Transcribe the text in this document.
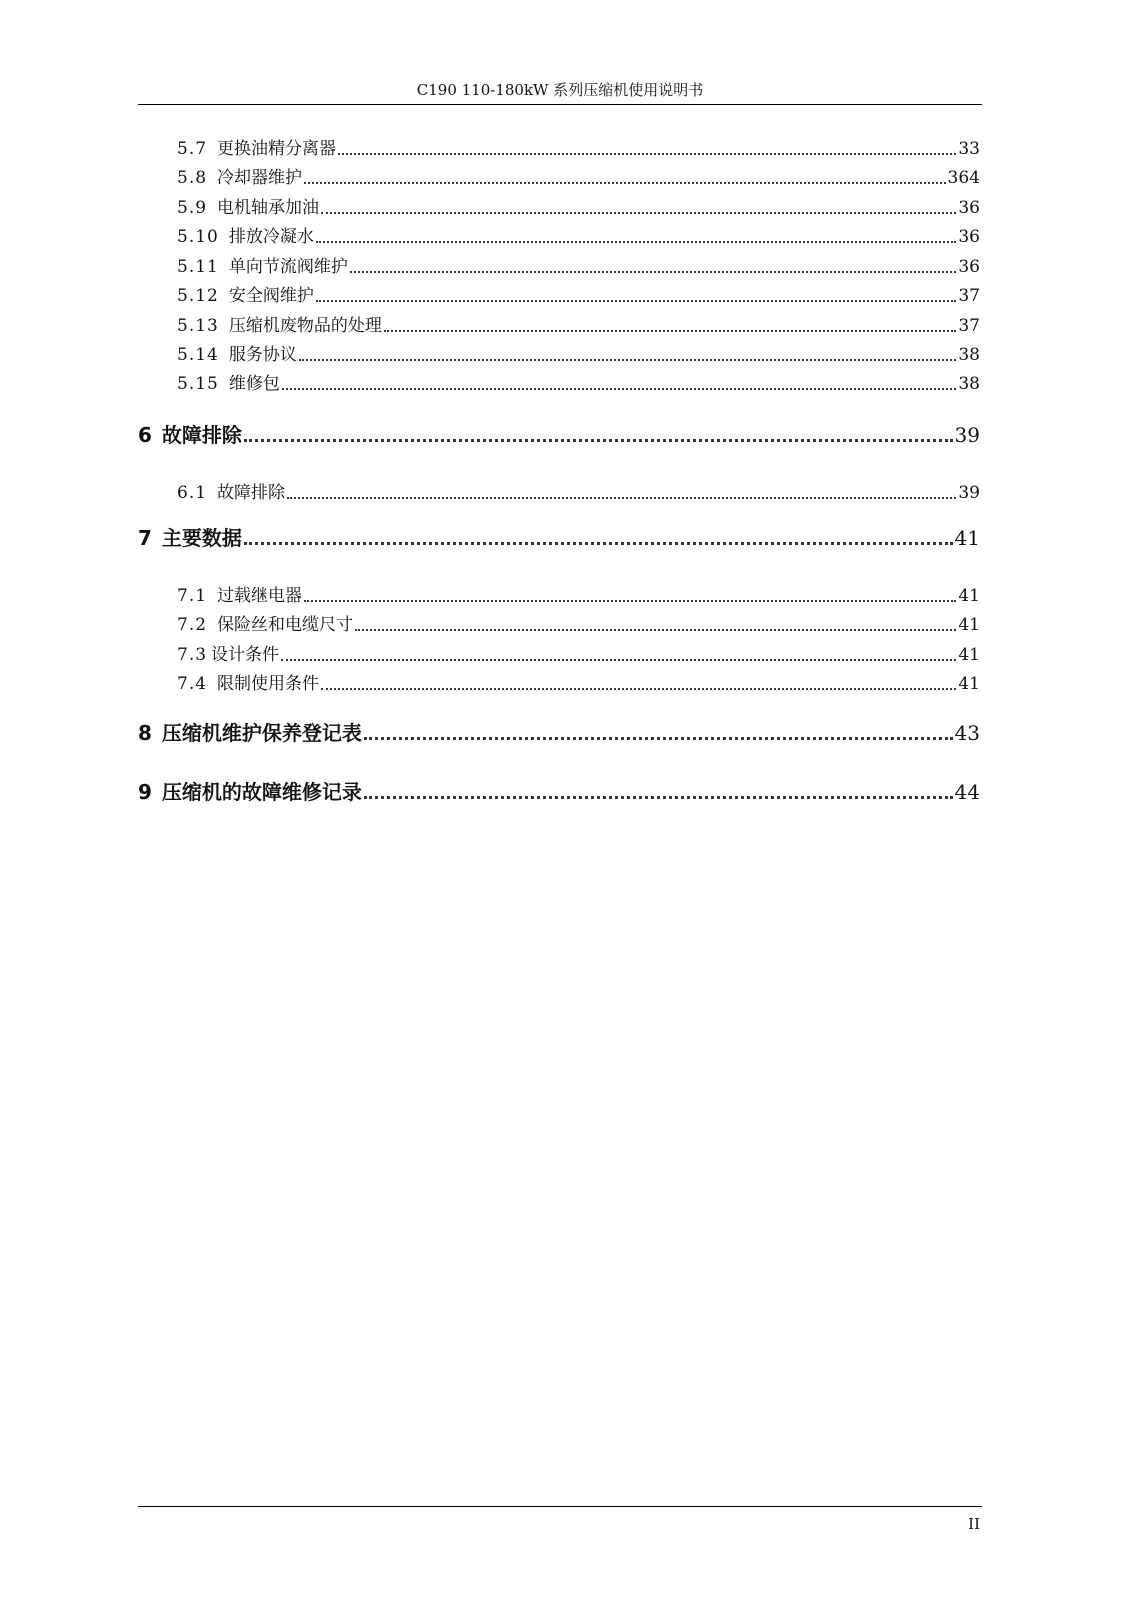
C190 110-180kW 系列压缩机使用说明书
5.7 更换油精分离器	33
5.8 冷却器维护	364
5.9 电机轴承加油	36
5.10 排放冷凝水	36
5.11 单向节流阀维护	36
5.12 安全阀维护	37
5.13 压缩机废物品的处理	37
5.14 服务协议	38
5.15 维修包	38
6 故障排除	39
6.1 故障排除	39
7 主要数据	41
7.1 过载继电器	41
7.2 保险丝和电缆尺寸	41
7.3 设计条件	41
7.4 限制使用条件	41
8 压缩机维护保养登记表	43
9 压缩机的故障维修记录	44
II
